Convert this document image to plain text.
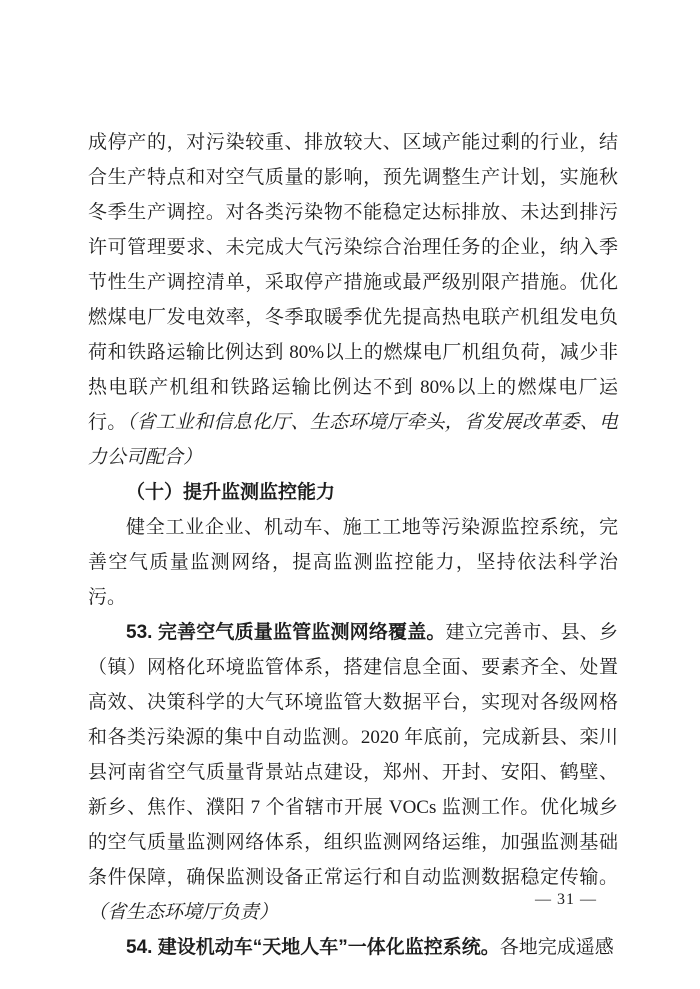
成停产的，对污染较重、排放较大、区域产能过剩的行业，结合生产特点和对空气质量的影响，预先调整生产计划，实施秋冬季生产调控。对各类污染物不能稳定达标排放、未达到排污许可管理要求、未完成大气污染综合治理任务的企业，纳入季节性生产调控清单，采取停产措施或最严级别限产措施。优化燃煤电厂发电效率，冬季取暖季优先提高热电联产机组发电负荷和铁路运输比例达到 80%以上的燃煤电厂机组负荷，减少非热电联产机组和铁路运输比例达不到 80%以上的燃煤电厂运行。（省工业和信息化厅、生态环境厅牵头，省发展改革委、电力公司配合）

（十）提升监测监控能力

健全工业企业、机动车、施工工地等污染源监控系统，完善空气质量监测网络，提高监测监控能力，坚持依法科学治污。

53. 完善空气质量监管监测网络覆盖。建立完善市、县、乡（镇）网格化环境监管体系，搭建信息全面、要素齐全、处置高效、决策科学的大气环境监管大数据平台，实现对各级网格和各类污染源的集中自动监测。2020 年底前，完成新县、栾川县河南省空气质量背景站点建设，郑州、开封、安阳、鹤壁、新乡、焦作、濮阳 7 个省辖市开展 VOCs 监测工作。优化城乡的空气质量监测网络体系，组织监测网络运维，加强监测基础条件保障，确保监测设备正常运行和自动监测数据稳定传输。（省生态环境厅负责）

54. 建设机动车“天地人车”一体化监控系统。各地完成遥感

— 31 —
